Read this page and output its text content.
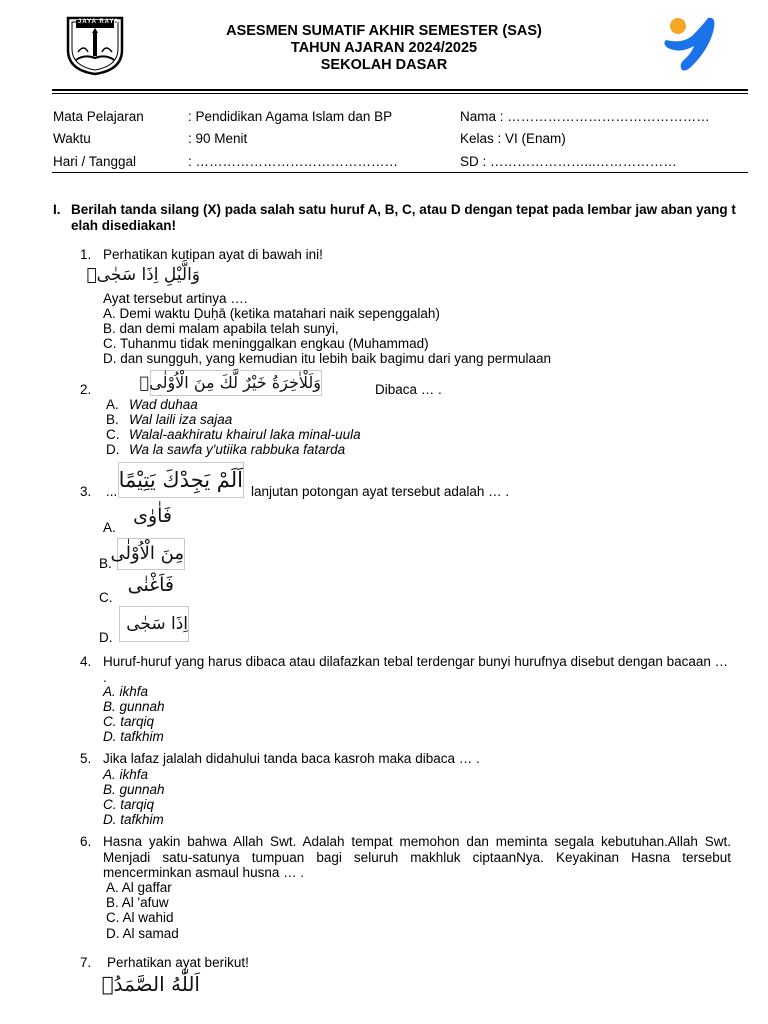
JAYA RAYA
ASESMEN SUMATIF AKHIR SEMESTER (SAS)
TAHUN AJARAN 2024/2025
SEKOLAH DASAR
Mata Pelajaran	: Pendidikan Agama Islam dan BP	Nama : ………………………………………
Waktu	: 90 Menit	Kelas : VI (Enam)
Hari / Tanggal	: ………………………………………	SD : …………………...………………
I. Berilah tanda silang (X) pada salah satu huruf A, B, C, atau D dengan tepat pada lembar jaw aban yang telah disediakan!
1. Perhatikan kutipan ayat di bawah ini!
وَالَّيْلِ اِذَا سَجٰىۙ
Ayat tersebut artinya ….
A. Demi waktu Ḍuḥā (ketika matahari naik sepenggalah)
B. dan demi malam apabila telah sunyi,
C. Tuhanmu tidak meninggalkan engkau (Muhammad)
D. dan sungguh, yang kemudian itu lebih baik bagimu dari yang permulaan
2.	وَلَلْاٰخِرَةُ خَيْرٌ لَّكَ مِنَ الْاُوْلٰىۗ	Dibaca … .
A. Wad duhaa
B. Wal laili iza sajaa
C. Walal-aakhiratu khairul laka minal-uula
D. Wa la sawfa y'utiika rabbuka fatarda
3. ... اَلَمْ يَجِدْكَ يَتِيْمًا lanjutan potongan ayat tersebut adalah … .
A.
فَاٰوٰى
B.
مِنَ الْاُوْلٰى
C.
فَاَغْنٰى
D.
اِذَا سَجٰى
4. Huruf-huruf yang harus dibaca atau dilafazkan tebal terdengar bunyi hurufnya disebut dengan bacaan … .
A. ikhfa
B. gunnah
C. tarqiq
D. tafkhim
5. Jika lafaz jalalah didahului tanda baca kasroh maka dibaca … .
A. ikhfa
B. gunnah
C. tarqiq
D. tafkhim
6. Hasna yakin bahwa Allah Swt. Adalah tempat memohon dan meminta segala kebutuhan.Allah Swt. Menjadi satu-satunya tumpuan bagi seluruh makhluk ciptaanNya. Keyakinan Hasna tersebut mencerminkan asmaul husna … .
A. Al gaffar
B. Al 'afuw
C. Al wahid
D. Al samad
7. Perhatikan ayat berikut!
اَللّٰهُ الصَّمَدُۚ
